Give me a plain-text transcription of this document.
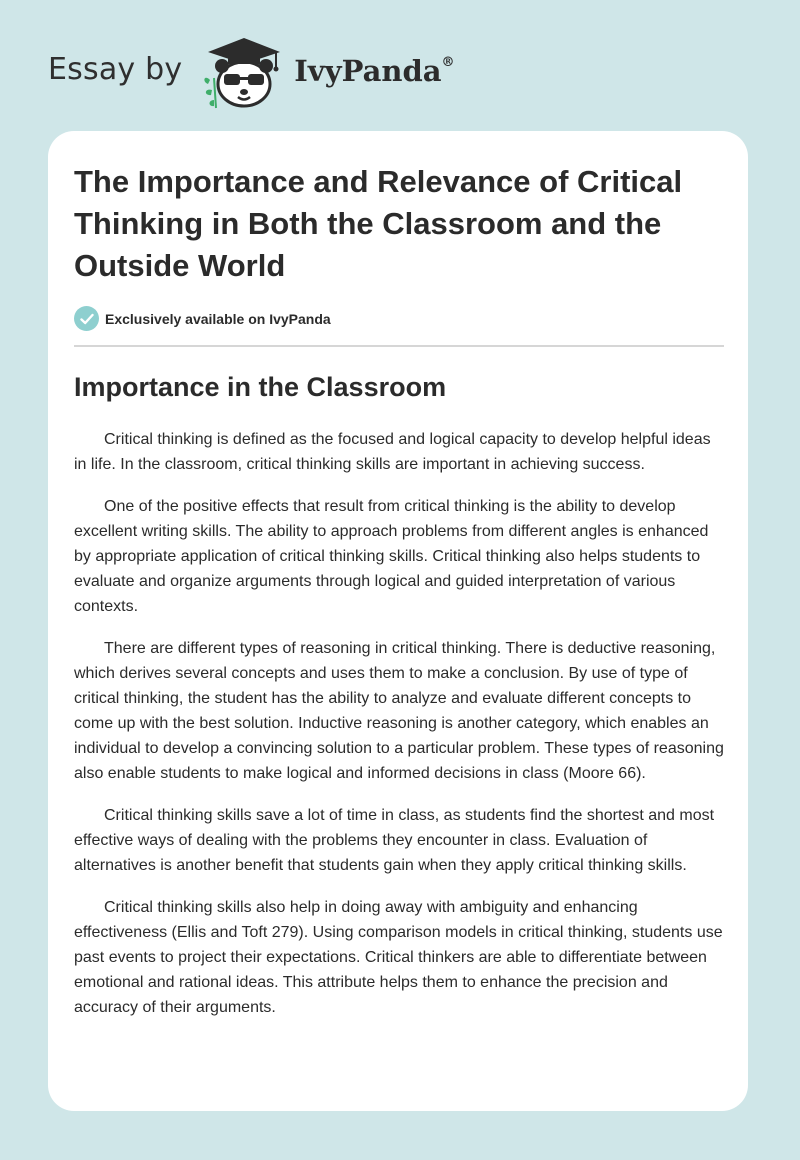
Essay by	IvyPanda®
The Importance and Relevance of Critical Thinking in Both the Classroom and the Outside World
Exclusively available on IvyPanda
Importance in the Classroom

Critical thinking is defined as the focused and logical capacity to develop helpful ideas in life. In the classroom, critical thinking skills are important in achieving success.

One of the positive effects that result from critical thinking is the ability to develop excellent writing skills. The ability to approach problems from different angles is enhanced by appropriate application of critical thinking skills. Critical thinking also helps students to evaluate and organize arguments through logical and guided interpretation of various contexts.

There are different types of reasoning in critical thinking. There is deductive reasoning, which derives several concepts and uses them to make a conclusion. By use of type of critical thinking, the student has the ability to analyze and evaluate different concepts to come up with the best solution. Inductive reasoning is another category, which enables an individual to develop a convincing solution to a particular problem. These types of reasoning also enable students to make logical and informed decisions in class (Moore 66).

Critical thinking skills save a lot of time in class, as students find the shortest and most effective ways of dealing with the problems they encounter in class. Evaluation of alternatives is another benefit that students gain when they apply critical thinking skills.

Critical thinking skills also help in doing away with ambiguity and enhancing effectiveness (Ellis and Toft 279). Using comparison models in critical thinking, students use past events to project their expectations. Critical thinkers are able to differentiate between emotional and rational ideas. This attribute helps them to enhance the precision and accuracy of their arguments.
